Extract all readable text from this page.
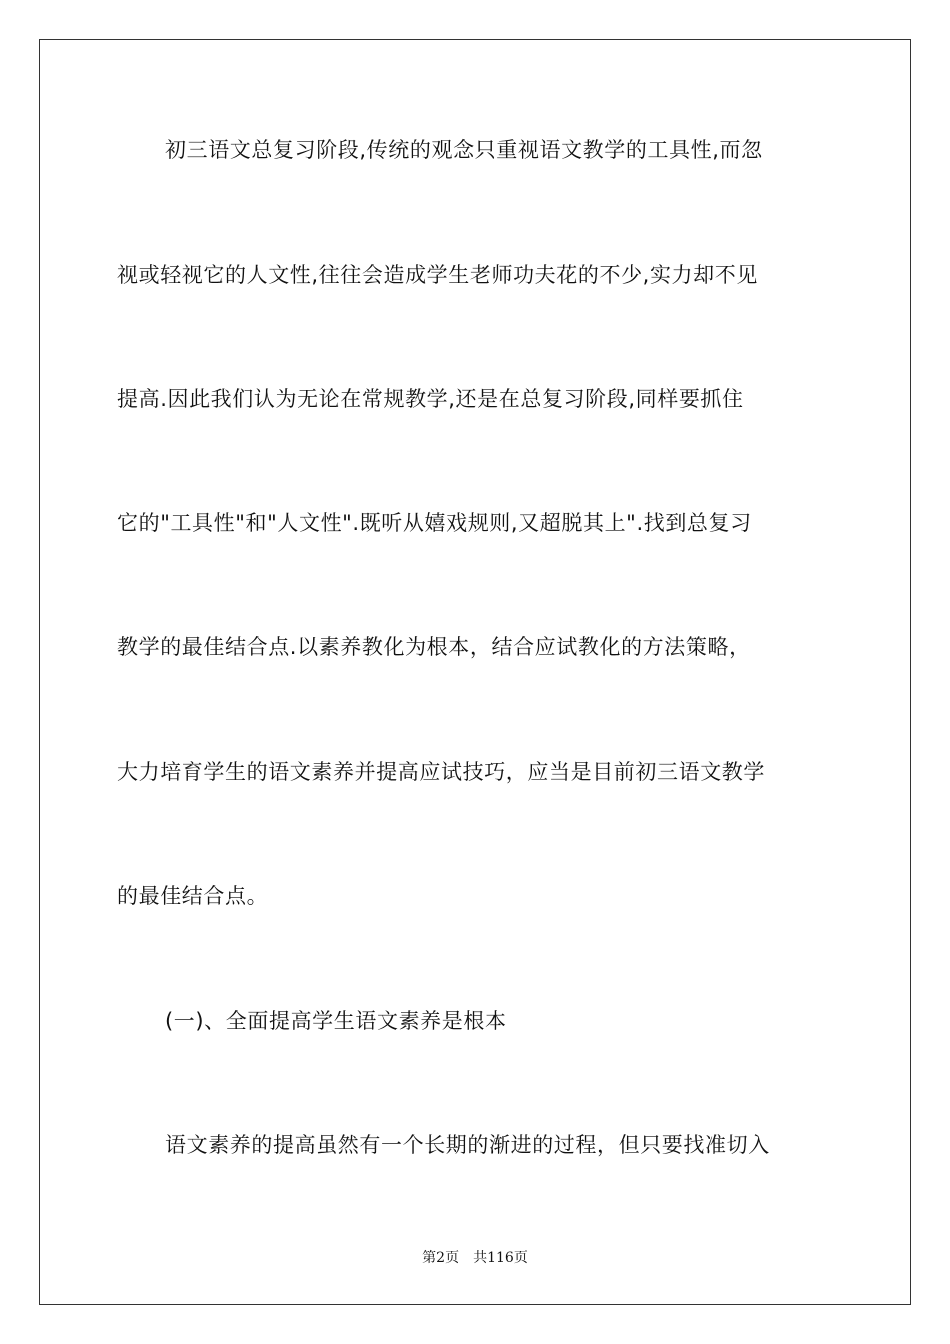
初三语文总复习阶段,传统的观念只重视语文教学的工具性,而忽
视或轻视它的人文性,往往会造成学生老师功夫花的不少,实力却不见
提高.因此我们认为无论在常规教学,还是在总复习阶段,同样要抓住
它的"工具性"和"人文性".既听从嬉戏规则,又超脱其上".找到总复习
教学的最佳结合点.以素养教化为根本，结合应试教化的方法策略，
大力培育学生的语文素养并提高应试技巧，应当是目前初三语文教学
的最佳结合点。
(一)、全面提高学生语文素养是根本
语文素养的提高虽然有一个长期的渐进的过程，但只要找准切入
第2页 共116页
